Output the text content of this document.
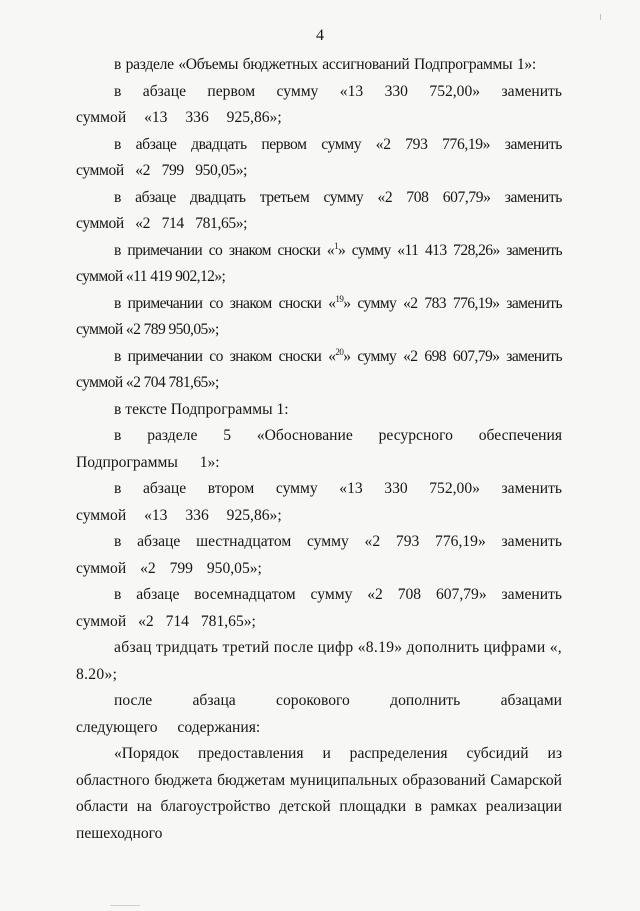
4

в разделе «Объемы бюджетных ассигнований Подпрограммы 1»:

в абзаце первом сумму «13 330 752,00» заменить суммой «13 336 925,86»;

в абзаце двадцать первом сумму «2 793 776,19» заменить суммой «2 799 950,05»;

в абзаце двадцать третьем сумму «2 708 607,79» заменить суммой «2 714 781,65»;

в примечании со знаком сноски «$^1$» сумму «11 413 728,26» заменить суммой «11 419 902,12»;

в примечании со знаком сноски «$^{19}$» сумму «2 783 776,19» заменить суммой «2 789 950,05»;

в примечании со знаком сноски «$^{20}$» сумму «2 698 607,79» заменить суммой «2 704 781,65»;

в тексте Подпрограммы 1:

в разделе 5 «Обоснование ресурсного обеспечения Подпрограммы 1»:

в абзаце втором сумму «13 330 752,00» заменить суммой «13 336 925,86»;

в абзаце шестнадцатом сумму «2 793 776,19» заменить суммой «2 799 950,05»;

в абзаце восемнадцатом сумму «2 708 607,79» заменить суммой «2 714 781,65»;

абзац тридцать третий после цифр «8.19» дополнить цифрами «, 8.20»;

после абзаца сорокового дополнить абзацами следующего содержания:

«Порядок предоставления и распределения субсидий из областного бюджета бюджетам муниципальных образований Самарской области на благоустройство детской площадки в рамках реализации пешеходного
